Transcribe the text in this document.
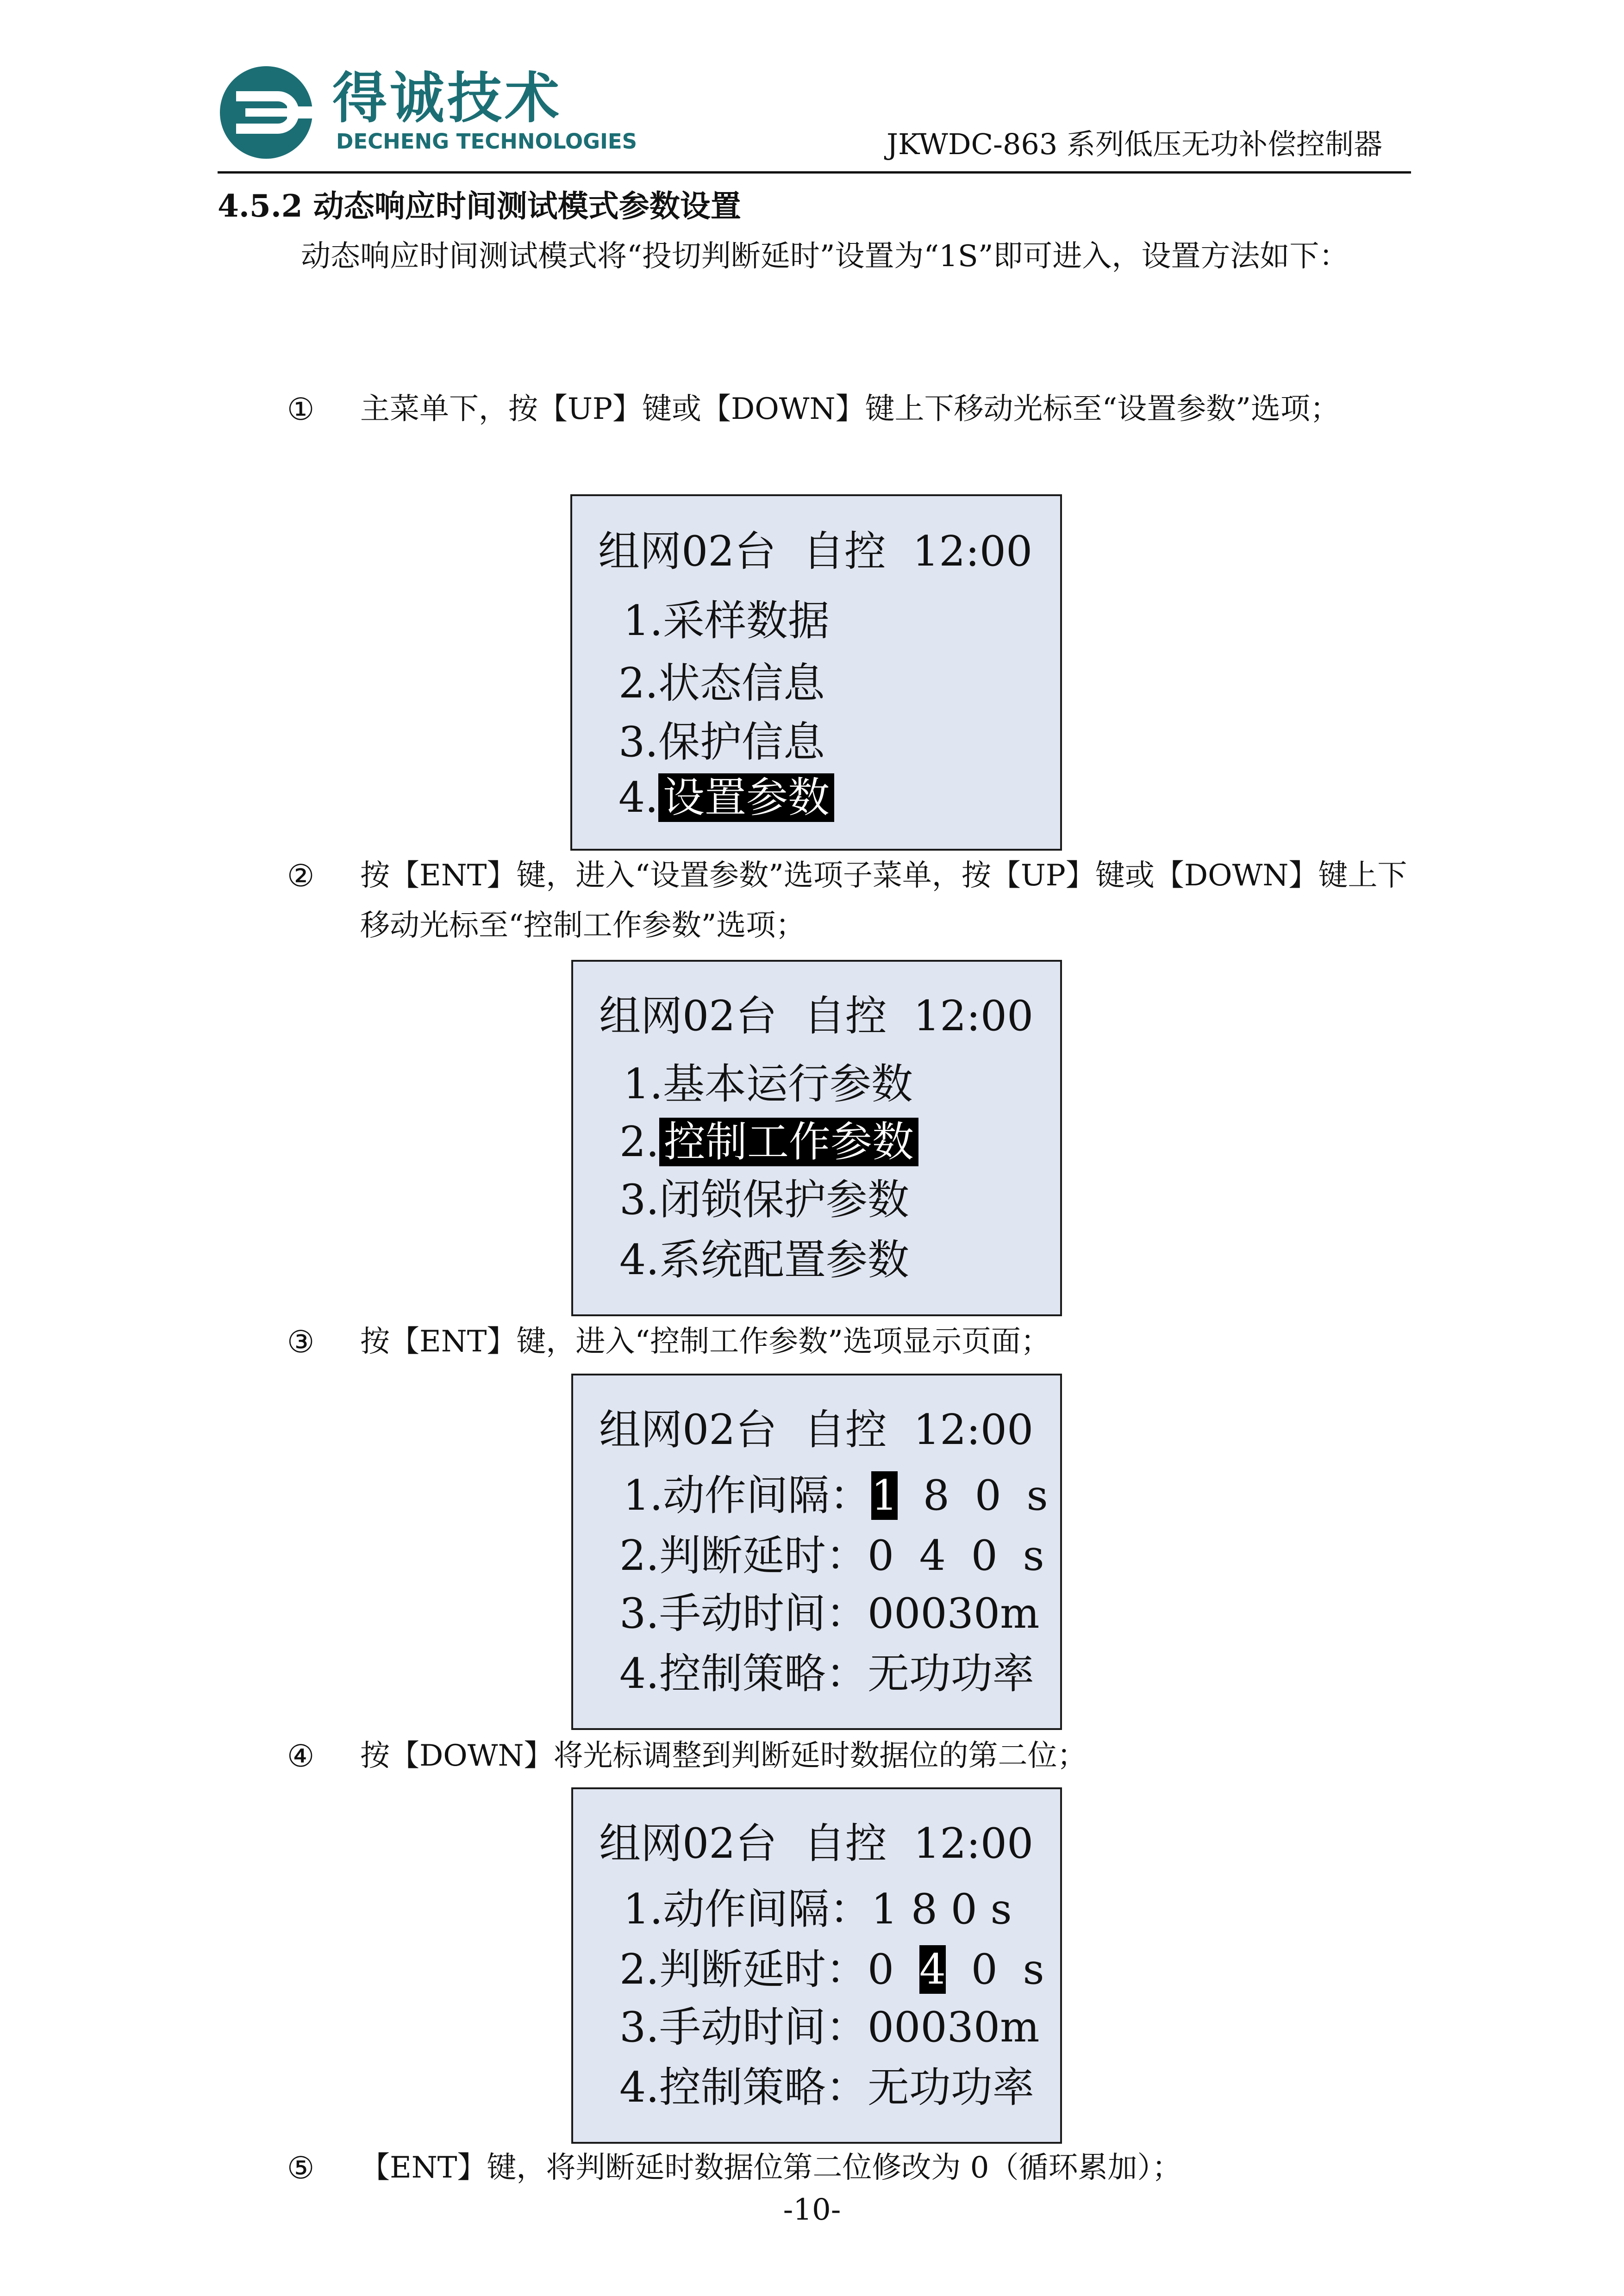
得诚技术
DECHENG TECHNOLOGIES	JKWDC-863 系列低压无功补偿控制器
4.5.2 动态响应时间测试模式参数设置
动态响应时间测试模式将“投切判断延时”设置为“1S”即可进入，设置方法如下：
① 主菜单下，按【UP】键或【DOWN】键上下移动光标至“设置参数”选项；
组网02台  自控  12:00
1.采样数据
2.状态信息
3.保护信息
4. 设置参数
② 按【ENT】键，进入“设置参数”选项子菜单，按【UP】键或【DOWN】键上下移动光标至“控制工作参数”选项；
组网02台  自控  12:00
1.基本运行参数
2. 控制工作参数
3.闭锁保护参数
4.系统配置参数
③ 按【ENT】键，进入“控制工作参数”选项显示页面；
组网02台  自控  12:00
1.动作间隔：1 8 0 s
2.判断延时：0 4 0 s
3.手动时间：00030m
4.控制策略：无功功率
④ 按【DOWN】将光标调整到判断延时数据位的第二位；
组网02台  自控  12:00
1.动作间隔：1 8 0 s
2.判断延时：0 4 0 s
3.手动时间：00030m
4.控制策略：无功功率
⑤ 【ENT】键，将判断延时数据位第二位修改为 0（循环累加）；
-10-
